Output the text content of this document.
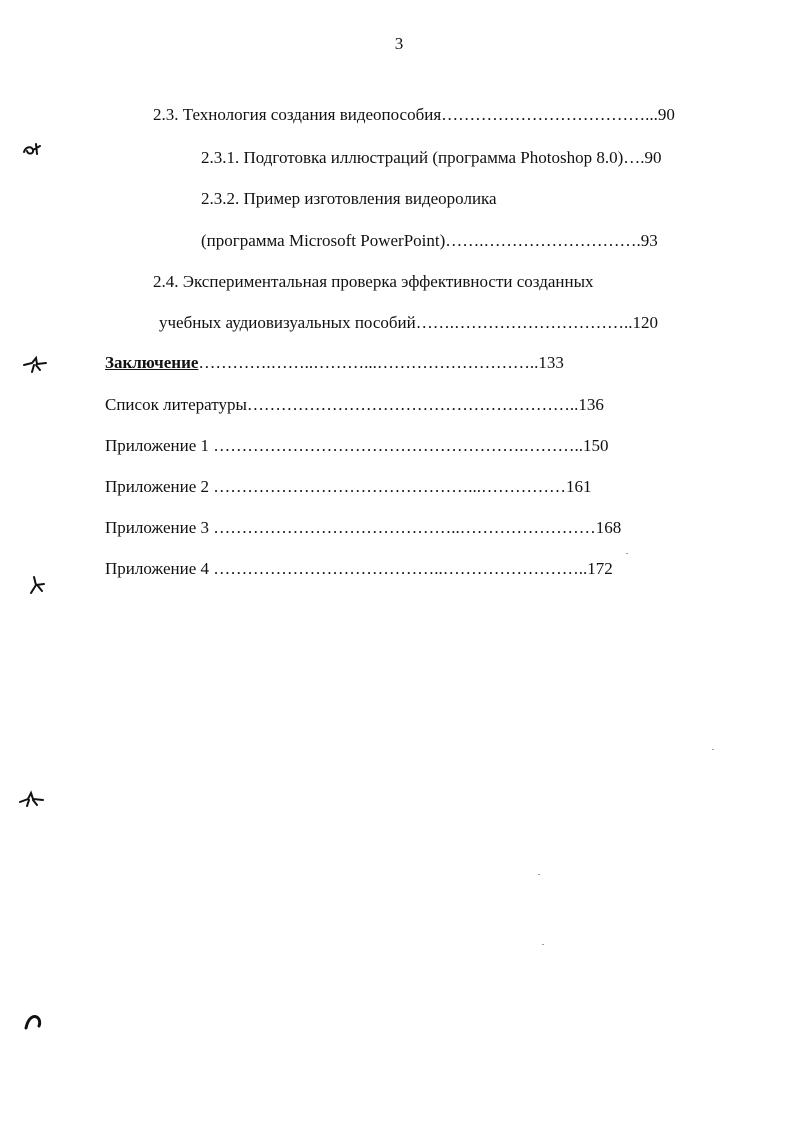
3
2.3. Технология создания видеопособия………………………………...90
2.3.1. Подготовка иллюстраций (программа Photoshop 8.0)….90
2.3.2. Пример изготовления видеоролика
(программа Microsoft PowerPoint)…….……………………….93
2.4. Экспериментальная проверка эффективности созданных
учебных аудиовизуальных пособий…….…………………………..120
Заключение………….……..………...………………………..133
Список литературы…………………………………………………..136
Приложение 1 ……………………………………………….………..150
Приложение 2 ………………………………………...……………161
Приложение 3 ……………………………………..……………………168
Приложение 4 …………………………………..……………………..172
